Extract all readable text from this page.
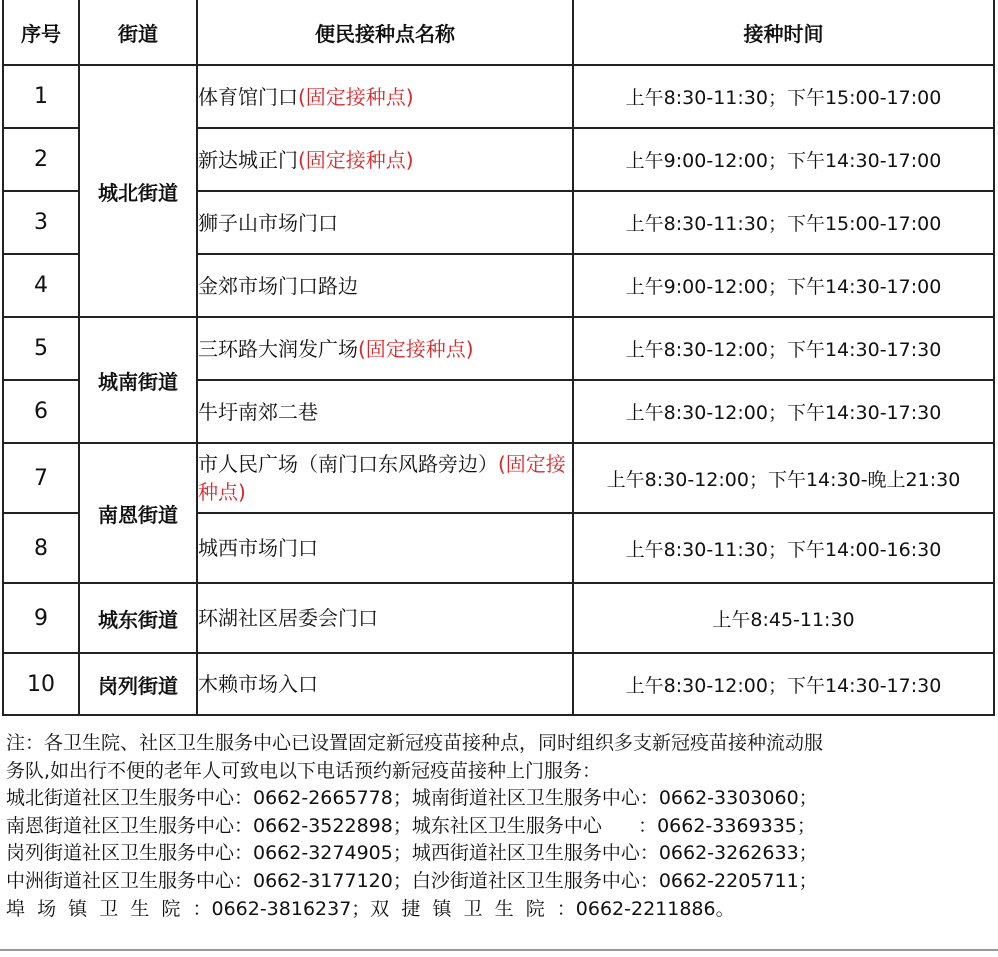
序号	街道	便民接种点名称	接种时间
1	城北街道	体育馆门口(固定接种点)	上午8:30-11:30；下午15:00-17:00
2		新达城正门(固定接种点)	上午9:00-12:00；下午14:30-17:00
3		狮子山市场门口	上午8:30-11:30；下午15:00-17:00
4		金郊市场门口路边	上午9:00-12:00；下午14:30-17:00
5	城南街道	三环路大润发广场(固定接种点)	上午8:30-12:00；下午14:30-17:30
6		牛圩南郊二巷	上午8:30-12:00；下午14:30-17:30
7	南恩街道	市人民广场（南门口东风路旁边）(固定接种点)	上午8:30-12:00；下午14:30-晚上21:30
8		城西市场门口	上午8:30-11:30；下午14:00-16:30
9	城东街道	环湖社区居委会门口	上午8:45-11:30
10	岗列街道	木赖市场入口	上午8:30-12:00；下午14:30-17:30
注：各卫生院、社区卫生服务中心已设置固定新冠疫苗接种点，同时组织多支新冠疫苗接种流动服
务队,如出行不便的老年人可致电以下电话预约新冠疫苗接种上门服务：
城北街道社区卫生服务中心：0662-2665778；城南街道社区卫生服务中心：0662-3303060；
南恩街道社区卫生服务中心：0662-3522898；城东社区卫生服务中心      ：0662-3369335；
岗列街道社区卫生服务中心：0662-3274905；城西街道社区卫生服务中心：0662-3262633；
中洲街道社区卫生服务中心：0662-3177120；白沙街道社区卫生服务中心：0662-2205711；
埠  场  镇  卫  生  院  ：0662-3816237；双  捷  镇  卫  生  院  ：0662-2211886。
